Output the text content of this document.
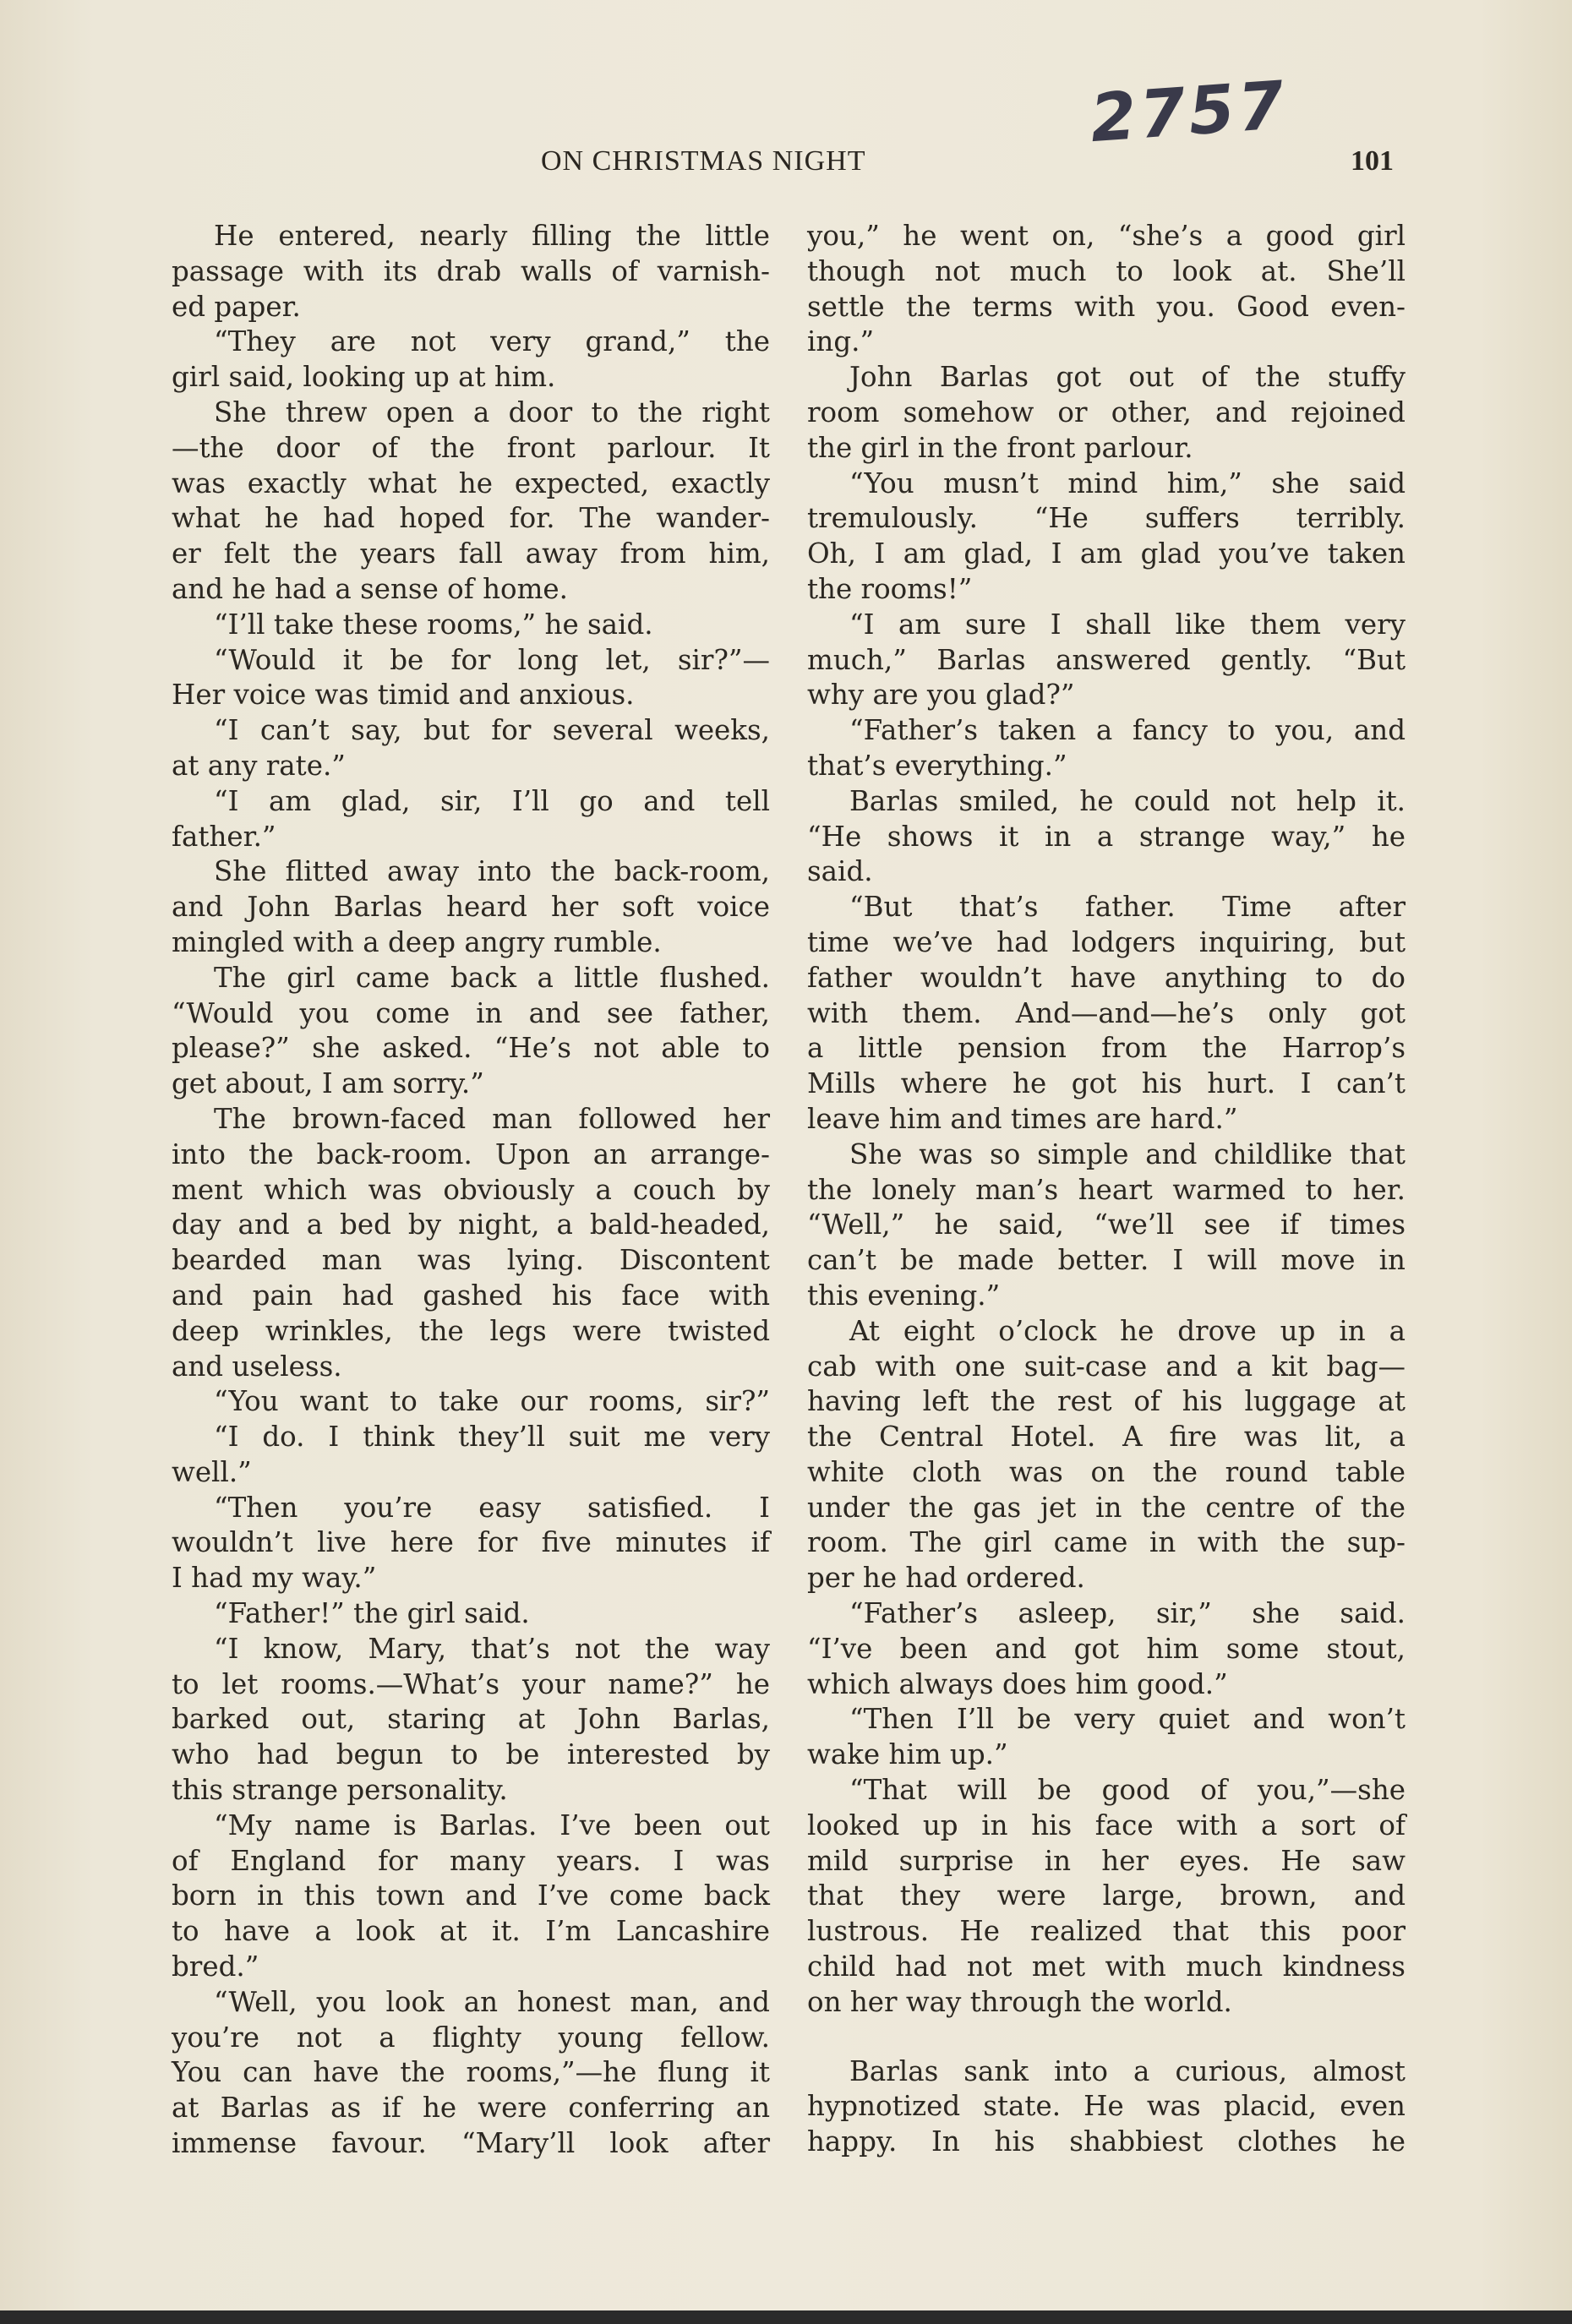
2757
ON CHRISTMAS NIGHT	101
He entered, nearly filling the little
passage with its drab walls of varnish-
ed paper.
“They are not very grand,” the
girl said, looking up at him.
She threw open a door to the right
—the door of the front parlour. It
was exactly what he expected, exactly
what he had hoped for. The wander-
er felt the years fall away from him,
and he had a sense of home.
“I’ll take these rooms,” he said.
“Would it be for long let, sir?”—
Her voice was timid and anxious.
“I can’t say, but for several weeks,
at any rate.”
“I am glad, sir, I’ll go and tell
father.”
She flitted away into the back-room,
and John Barlas heard her soft voice
mingled with a deep angry rumble.
The girl came back a little flushed.
“Would you come in and see father,
please?” she asked. “He’s not able to
get about, I am sorry.”
The brown-faced man followed her
into the back-room. Upon an arrange-
ment which was obviously a couch by
day and a bed by night, a bald-headed,
bearded man was lying. Discontent
and pain had gashed his face with
deep wrinkles, the legs were twisted
and useless.
“You want to take our rooms, sir?”
“I do. I think they’ll suit me very
well.”
“Then you’re easy satisfied. I
wouldn’t live here for five minutes if
I had my way.”
“Father!” the girl said.
“I know, Mary, that’s not the way
to let rooms.—What’s your name?” he
barked out, staring at John Barlas,
who had begun to be interested by
this strange personality.
“My name is Barlas. I’ve been out
of England for many years. I was
born in this town and I’ve come back
to have a look at it. I’m Lancashire
bred.”
“Well, you look an honest man, and
you’re not a flighty young fellow.
You can have the rooms,”—he flung it
at Barlas as if he were conferring an
immense favour. “Mary’ll look after
you,” he went on, “she’s a good girl
though not much to look at. She’ll
settle the terms with you. Good even-
ing.”
John Barlas got out of the stuffy
room somehow or other, and rejoined
the girl in the front parlour.
“You musn’t mind him,” she said
tremulously. “He suffers terribly.
Oh, I am glad, I am glad you’ve taken
the rooms!”
“I am sure I shall like them very
much,” Barlas answered gently. “But
why are you glad?”
“Father’s taken a fancy to you, and
that’s everything.”
Barlas smiled, he could not help it.
“He shows it in a strange way,” he
said.
“But that’s father. Time after
time we’ve had lodgers inquiring, but
father wouldn’t have anything to do
with them. And—and—he’s only got
a little pension from the Harrop’s
Mills where he got his hurt. I can’t
leave him and times are hard.”
She was so simple and childlike that
the lonely man’s heart warmed to her.
“Well,” he said, “we’ll see if times
can’t be made better. I will move in
this evening.”
At eight o’clock he drove up in a
cab with one suit-case and a kit bag—
having left the rest of his luggage at
the Central Hotel. A fire was lit, a
white cloth was on the round table
under the gas jet in the centre of the
room. The girl came in with the sup-
per he had ordered.
“Father’s asleep, sir,” she said.
“I’ve been and got him some stout,
which always does him good.”
“Then I’ll be very quiet and won’t
wake him up.”
“That will be good of you,”—she
looked up in his face with a sort of
mild surprise in her eyes. He saw
that they were large, brown, and
lustrous. He realized that this poor
child had not met with much kindness
on her way through the world.
Barlas sank into a curious, almost
hypnotized state. He was placid, even
happy. In his shabbiest clothes he
